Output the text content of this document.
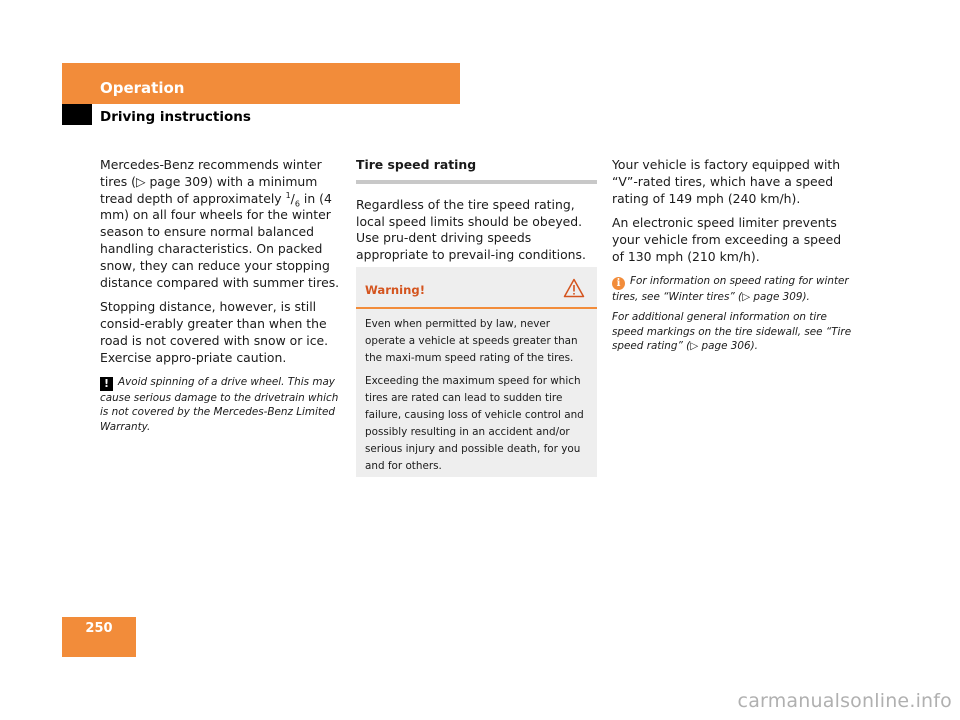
Operation
Driving instructions

Mercedes-Benz recommends winter tires (▷ page 309) with a minimum tread depth of approximately $^1/_6$ in (4 mm) on all four wheels for the winter season to ensure normal balanced handling characteristics. On packed snow, they can reduce your stopping distance compared with summer tires.

Stopping distance, however, is still consid-erably greater than when the road is not covered with snow or ice. Exercise appro-priate caution.

! Avoid spinning of a drive wheel. This may cause serious damage to the drivetrain which is not covered by the Mercedes-Benz Limited Warranty.

Tire speed rating

Regardless of the tire speed rating, local speed limits should be obeyed. Use pru-dent driving speeds appropriate to prevail-ing conditions.

Warning!

Even when permitted by law, never operate a vehicle at speeds greater than the maxi-mum speed rating of the tires.

Exceeding the maximum speed for which tires are rated can lead to sudden tire failure, causing loss of vehicle control and possibly resulting in an accident and/or serious injury and possible death, for you and for others.

Your vehicle is factory equipped with “V”-rated tires, which have a speed rating of 149 mph (240 km/h).

An electronic speed limiter prevents your vehicle from exceeding a speed of 130 mph (210 km/h).

i For information on speed rating for winter tires, see “Winter tires” (▷ page 309).

For additional general information on tire speed markings on the tire sidewall, see “Tire speed rating” (▷ page 306).

250
carmanualsonline.info
